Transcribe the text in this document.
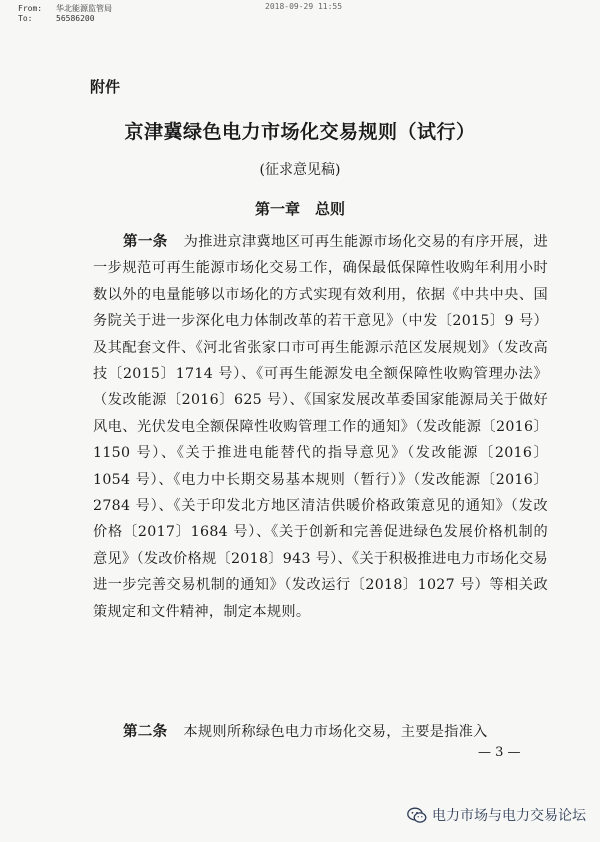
From: 华北能源监管局
To:	56586200
2018-09-29 11:55
附件
京津冀绿色电力市场化交易规则（试行）
(征求意见稿)
第一章　总则
第一条 为推进京津冀地区可再生能源市场化交易的有序开展，进一步规范可再生能源市场化交易工作，确保最低保障性收购年利用小时数以外的电量能够以市场化的方式实现有效利用，依据《中共中央、国务院关于进一步深化电力体制改革的若干意见》（中发〔2015〕9 号）及其配套文件、《河北省张家口市可再生能源示范区发展规划》（发改高技〔2015〕1714 号）、《可再生能源发电全额保障性收购管理办法》（发改能源〔2016〕625 号）、《国家发展改革委国家能源局关于做好风电、光伏发电全额保障性收购管理工作的通知》（发改能源〔2016〕1150 号）、《关于推进电能替代的指导意见》（发改能源〔2016〕1054 号）、《电力中长期交易基本规则（暂行）》（发改能源〔2016〕2784 号）、《关于印发北方地区清洁供暖价格政策意见的通知》（发改价格〔2017〕1684 号）、《关于创新和完善促进绿色发展价格机制的意见》（发改价格规〔2018〕943 号）、《关于积极推进电力市场化交易进一步完善交易机制的通知》（发改运行〔2018〕1027 号）等相关政策规定和文件精神，制定本规则。
— 3 —
第二条 本规则所称绿色电力市场化交易，主要是指准入
电力市场与电力交易论坛
